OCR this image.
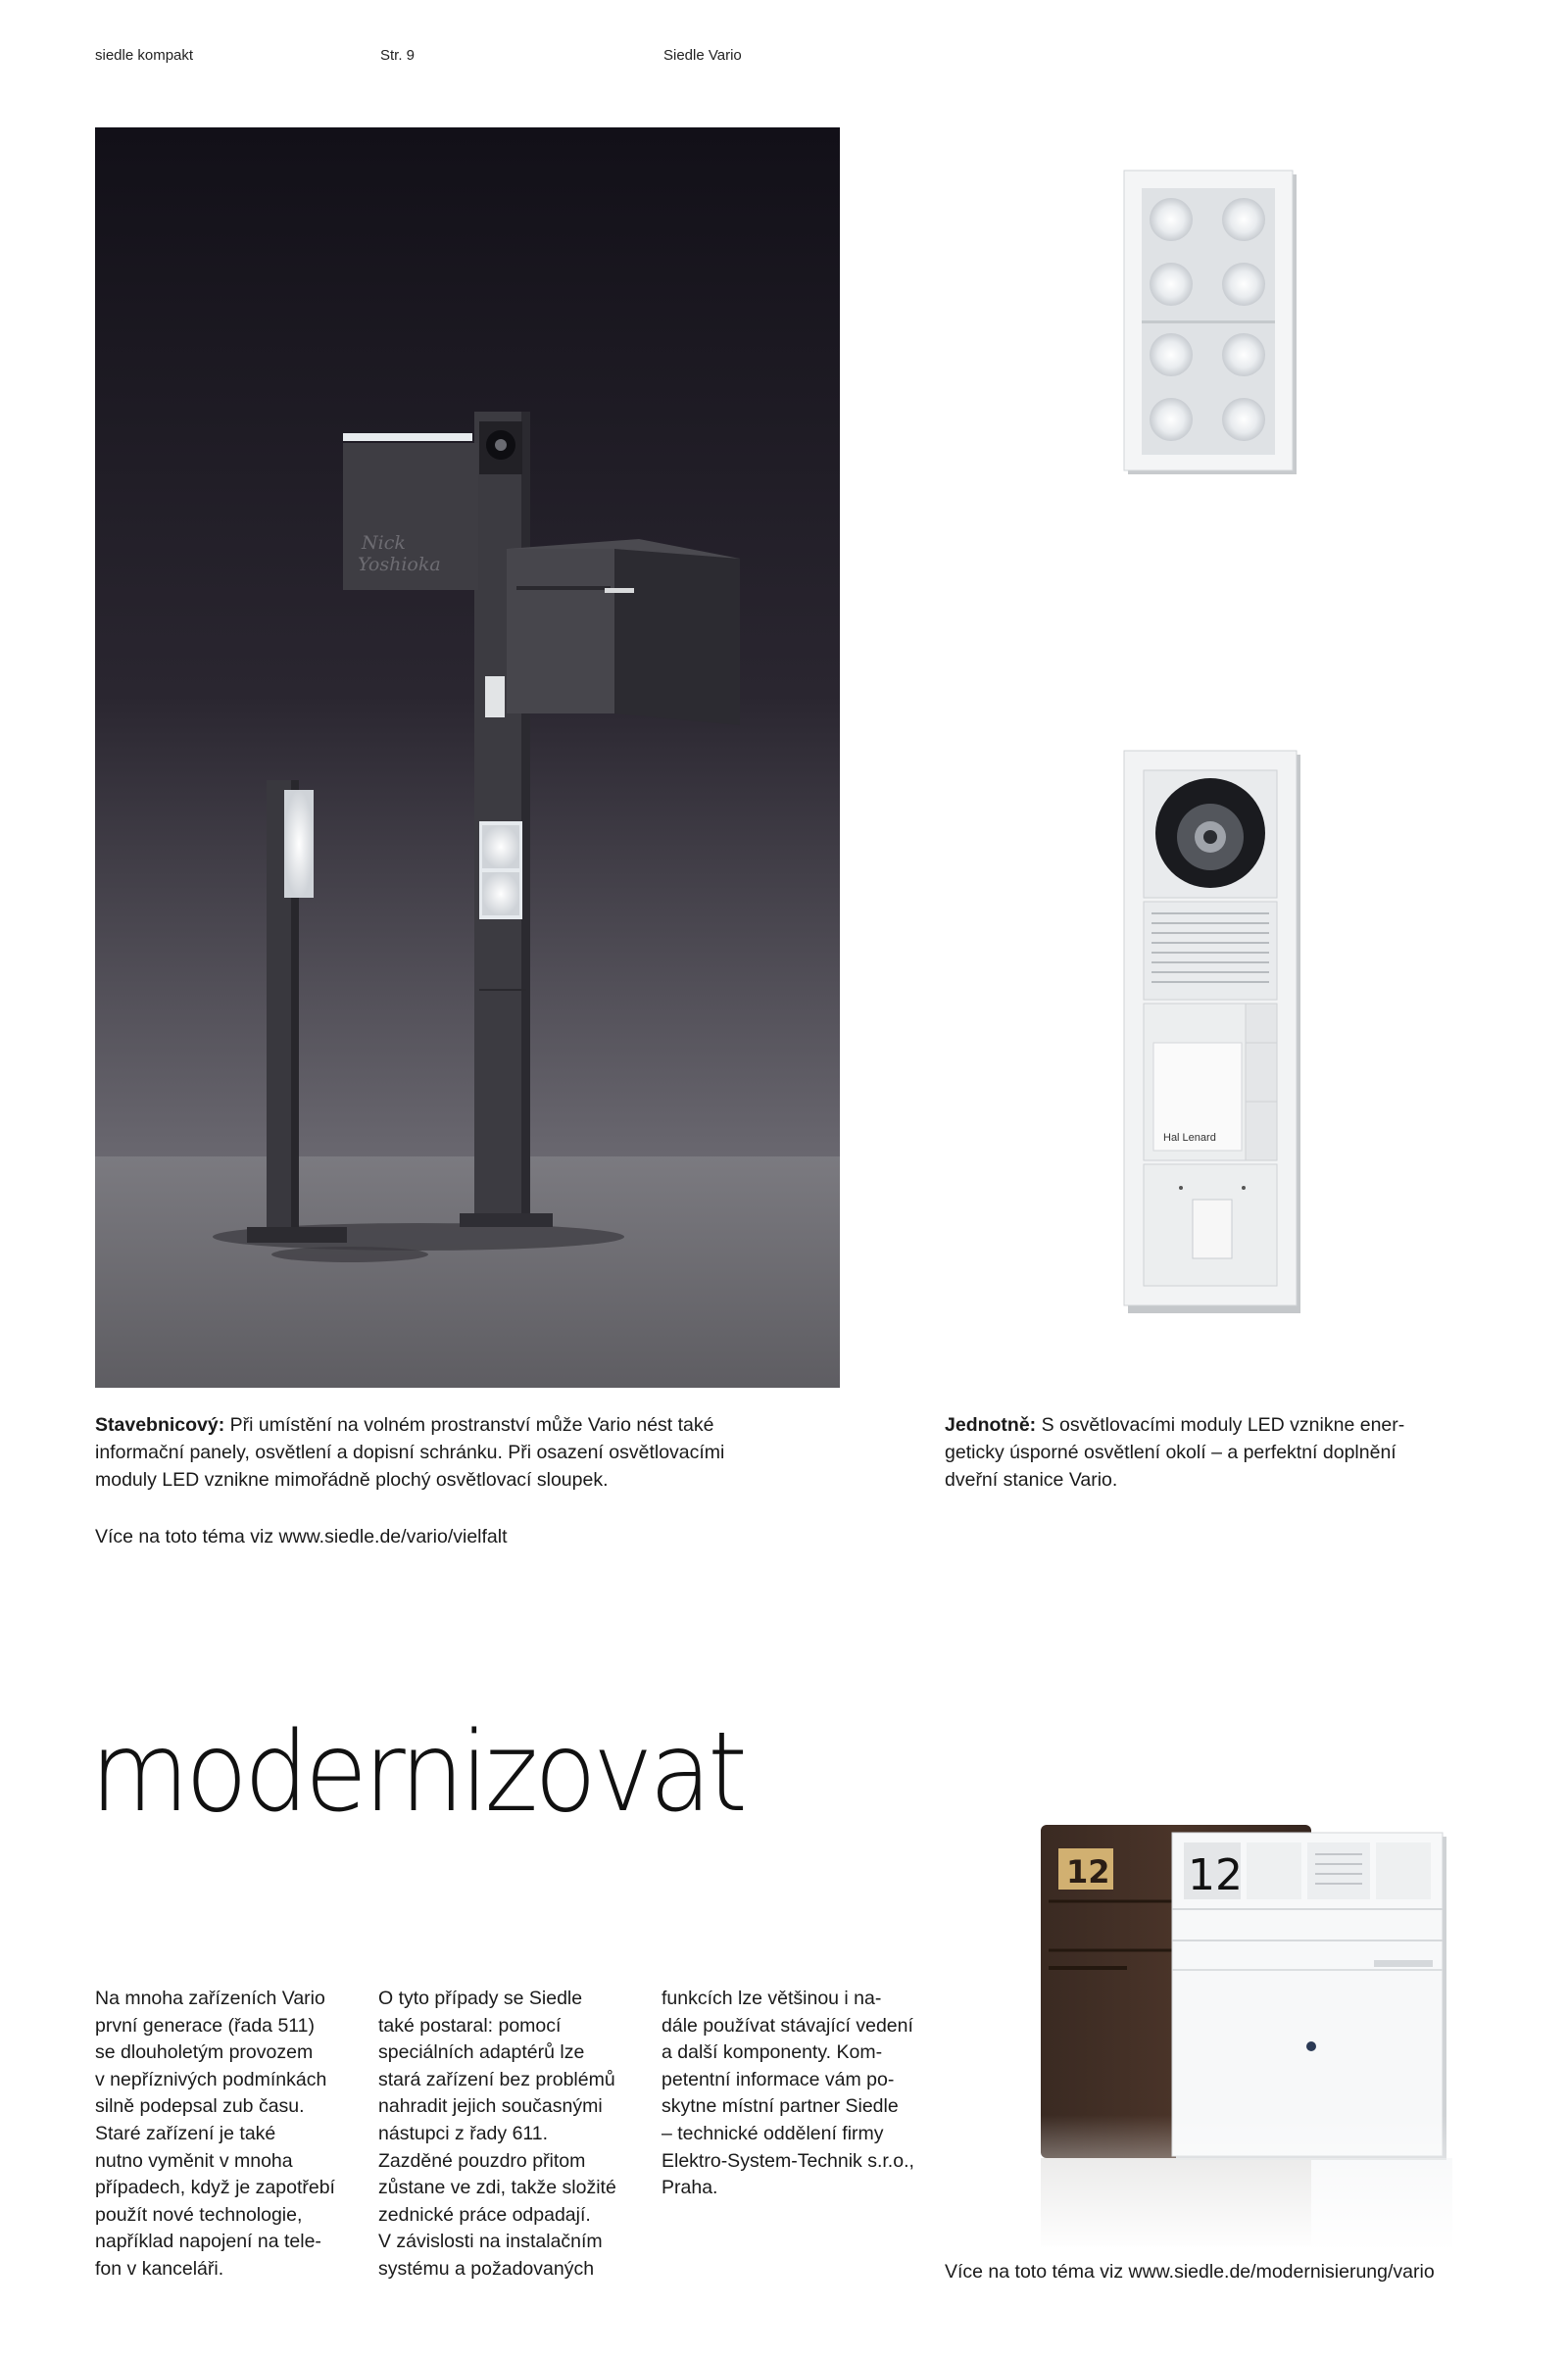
siedle kompakt	Str. 9	Siedle Vario
Nick
Yoshioka
Hal Lenard
Stavebnicový: Při umístění na volném prostranství může Vario nést také informační panely, osvětlení a dopisní schránku. Při osazení osvětlovacími moduly LED vznikne mimořádně plochý osvětlovací sloupek.
Více na toto téma viz www.siedle.de/vario/vielfalt
Jednotně: S osvětlovacími moduly LED vznikne ener-geticky úsporné osvětlení okolí – a perfektní doplnění dveřní stanice Vario.
modernizovat
Na mnoha zařízeních Vario
první generace (řada 511)
se dlouholetým provozem
v nepříznivých podmínkách
silně podepsal zub času.
Staré zařízení je také
nutno vyměnit v mnoha
případech, když je zapotřebí
použít nové technologie,
například napojení na tele-
fon v kanceláři.
O tyto případy se Siedle
také postaral: pomocí
speciálních adaptérů lze
stará zařízení bez problémů
nahradit jejich současnými
nástupci z řady 611.
Zazděné pouzdro přitom
zůstane ve zdi, takže složité
zednické práce odpadají.
V závislosti na instalačním
systému a požadovaných
funkcích lze většinou i na-
dále používat stávající vedení
a další komponenty. Kom-
petentní informace vám po-
skytne místní partner Siedle
– technické oddělení firmy
Elektro-System-Technik s.r.o.,
Praha.
12 12
Více na toto téma viz www.siedle.de/modernisierung/vario
